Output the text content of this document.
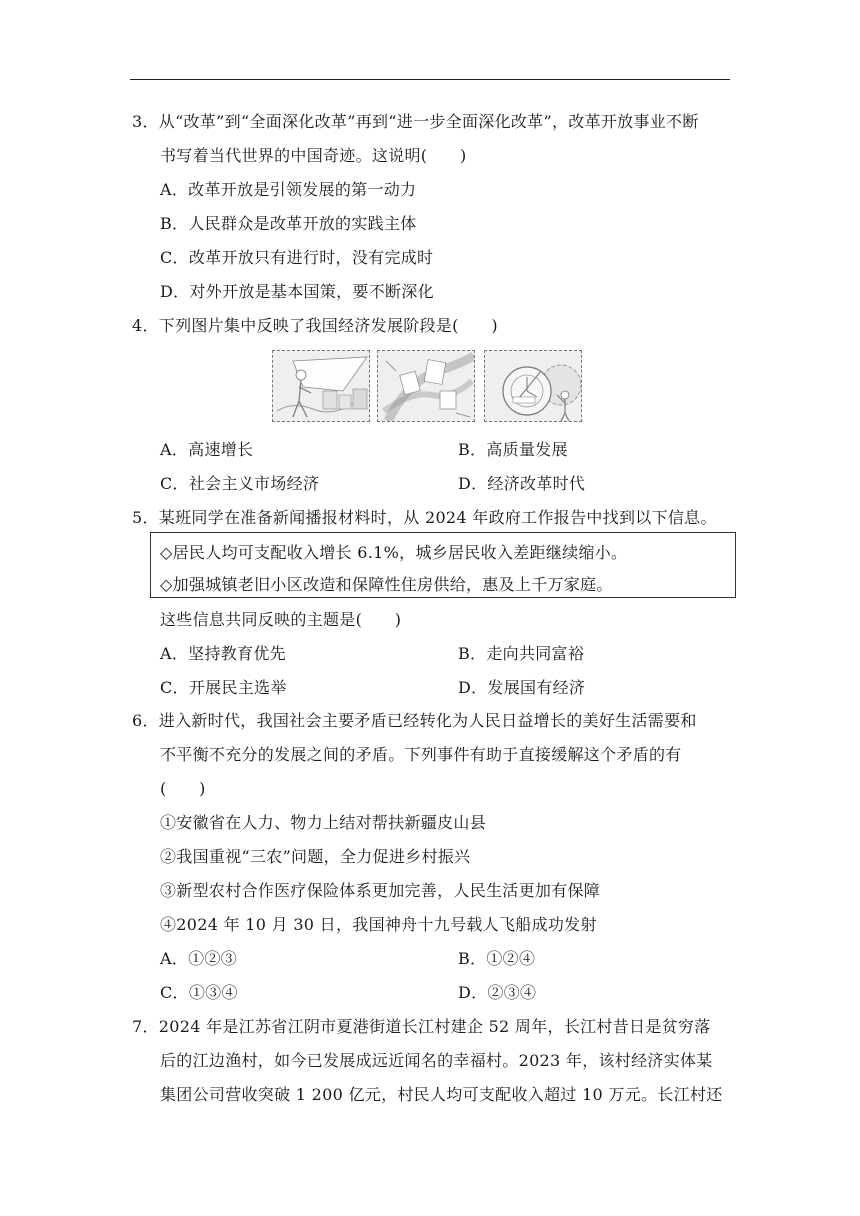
3．从“改革”到“全面深化改革”再到“进一步全面深化改革”，改革开放事业不断
书写着当代世界的中国奇迹。这说明(　　)
A．改革开放是引领发展的第一动力
B．人民群众是改革开放的实践主体
C．改革开放只有进行时，没有完成时
D．对外开放是基本国策，要不断深化
4．下列图片集中反映了我国经济发展阶段是(　　)
A．高速增长	B．高质量发展
C．社会主义市场经济	D．经济改革时代
5．某班同学在准备新闻播报材料时，从 2024 年政府工作报告中找到以下信息。
◇居民人均可支配收入增长 6.1%，城乡居民收入差距继续缩小。
◇加强城镇老旧小区改造和保障性住房供给，惠及上千万家庭。
这些信息共同反映的主题是(　　)
A．坚持教育优先	B．走向共同富裕
C．开展民主选举	D．发展国有经济
6．进入新时代，我国社会主要矛盾已经转化为人民日益增长的美好生活需要和
不平衡不充分的发展之间的矛盾。下列事件有助于直接缓解这个矛盾的有
(　　)
①安徽省在人力、物力上结对帮扶新疆皮山县
②我国重视“三农”问题，全力促进乡村振兴
③新型农村合作医疗保险体系更加完善，人民生活更加有保障
④2024 年 10 月 30 日，我国神舟十九号载人飞船成功发射
A．①②③	B．①②④
C．①③④	D．②③④
7．2024 年是江苏省江阴市夏港街道长江村建企 52 周年，长江村昔日是贫穷落
后的江边渔村，如今已发展成远近闻名的幸福村。2023 年，该村经济实体某
集团公司营收突破 1 200 亿元，村民人均可支配收入超过 10 万元。长江村还
